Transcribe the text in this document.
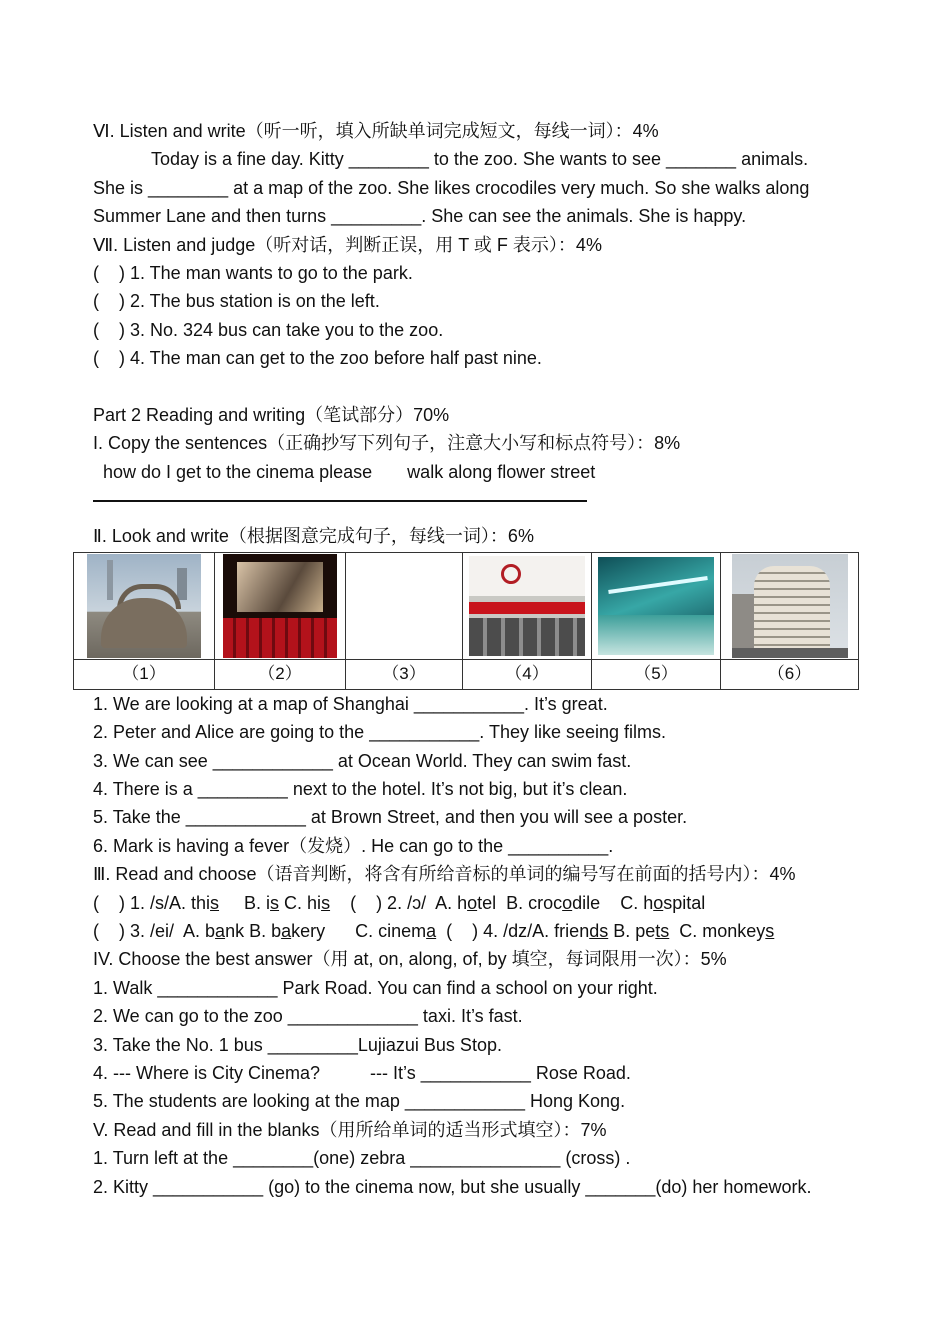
Ⅵ. Listen and write（听一听，填入所缺单词完成短文，每线一词）：4%
Today is a fine day. Kitty ________ to the zoo. She wants to see _______ animals.
She is ________ at a map of the zoo. She likes crocodiles very much. So she walks along
Summer Lane and then turns _________. She can see the animals. She is happy.
Ⅶ. Listen and judge（听对话，判断正误，用 T 或 F 表示）：4%
(    ) 1. The man wants to go to the park.
(    ) 2. The bus station is on the left.
(    ) 3. No. 324 bus can take you to the zoo.
(    ) 4. The man can get to the zoo before half past nine.
Part 2 Reading and writing（笔试部分）70%
I. Copy the sentences（正确抄写下列句子，注意大小写和标点符号）：8%
how do I get to the cinema please       walk along flower street
Ⅱ. Look and write（根据图意完成句子，每线一词）：6%

（1）	（2）	（3）	（4）	（5）	（6）
1. We are looking at a map of Shanghai ___________. It’s great.
2. Peter and Alice are going to the ___________. They like seeing films.
3. We can see ____________ at Ocean World. They can swim fast.
4. There is a _________ next to the hotel. It’s not big, but it’s clean.
5. Take the ____________ at Brown Street, and then you will see a poster.
6. Mark is having a fever（发烧）. He can go to the __________.
Ⅲ. Read and choose（语音判断，将含有所给音标的单词的编号写在前面的括号内）：4%
(    ) 1. /s/A. this     B. is C. his    (    ) 2. /ɔ/  A. hotel  B. crocodile    C. hospital
(    ) 3. /ei/  A. bank B. bakery      C. cinema  (    ) 4. /dz/A. friends B. pets  C. monkeys
IV. Choose the best answer（用 at, on, along, of, by 填空，每词限用一次）：5%
1. Walk ____________ Park Road. You can find a school on your right.
2. We can go to the zoo _____________ taxi. It’s fast.
3. Take the No. 1 bus _________Lujiazui Bus Stop.
4. --- Where is City Cinema?          --- It’s ___________ Rose Road.
5. The students are looking at the map ____________ Hong Kong.
V. Read and fill in the blanks（用所给单词的适当形式填空）：7%
1. Turn left at the ________(one) zebra _______________ (cross) .
2. Kitty ___________ (go) to the cinema now, but she usually _______(do) her homework.
